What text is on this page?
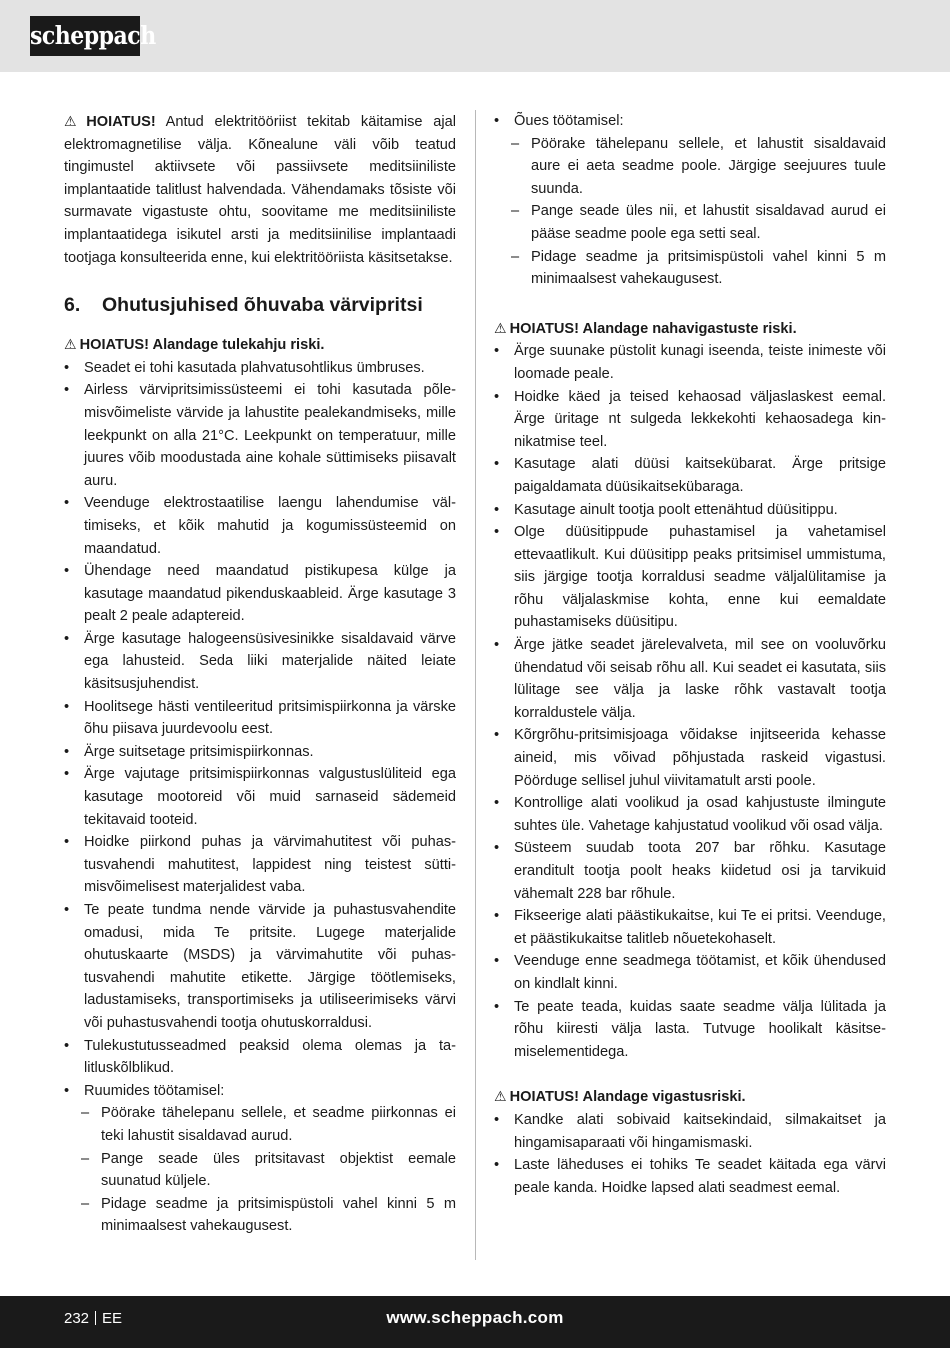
scheppach

⚠ HOIATUS! Antud elektritööriist tekitab käitamise ajal elektromagnetilise välja. Kõnealune väli võib teatud tingimustel aktiivsete või passiivsete meditsiiniliste implantaatide talitlust halvendada. Vähendamaks tõsiste või surmavate vigastuste ohtu, soovitame me meditsiiniliste implantaatidega isikutel arsti ja meditsiinilise implantaadi tootjaga konsulteerida enne, kui elektritööriista käsitsetakse.

6. Ohutusjuhised õhuvaba värvipritsi

⚠ HOIATUS! Alandage tulekahju riski.

• Seadet ei tohi kasutada plahvatusohtlikus ümbruses.
• Airless värvipritsimissüsteemi ei tohi kasutada põlemisvõimeliste värvide ja lahustite pealekandmiseks, mille leekpunkt on alla 21°C. Leekpunkt on temperatuur, mille juures võib moodustada aine kohale süttimiseks piisavalt auru.
• Veenduge elektrostaatilise laengu lahendumise vältimiseks, et kõik mahutid ja kogumissüsteemid on maandatud.
• Ühendage need maandatud pistikupesa külge ja kasutage maandatud pikenduskaableid. Ärge kasutage 3 pealt 2 peale adaptereid.
• Ärge kasutage halogeensüsivesinikke sisaldavaid värve ega lahusteid. Seda liiki materjalide näited leiate käsitsusjuhendist.
• Hoolitsege hästi ventileeritud pritsimispiirkonna ja värske õhu piisava juurdevoolu eest.
• Ärge suitsetage pritsimispiirkonnas.
• Ärge vajutage pritsimispiirkonnas valgustuslüliteid ega kasutage mootoreid või muid sarnaseid sädemeid tekitavaid tooteid.
• Hoidke piirkond puhas ja värvimahutitest või puhastusvahendi mahutitest, lappidest ning teistest süttimisvõimelisest materjalidest vaba.
• Te peate tundma nende värvide ja puhastusvahendite omadusi, mida Te pritsite. Lugege materjalide ohutuskaarte (MSDS) ja värvimahutite või puhastusvahendi mahutite etikette. Järgige töötlemiseks, ladustamiseks, transportimiseks ja utiliseerimiseks värvi või puhastusvahendi tootja ohutuskorraldusi.
• Tulekustutusseadmed peaksid olema olemas ja talitluskõlblikud.
• Ruumides töötamisel:
– Pöörake tähelepanu sellele, et seadme piirkonnas ei teki lahustit sisaldavad aurud.
– Pange seade üles pritsitavast objektist eemale suunatud küljele.
– Pidage seadme ja pritsimispüstoli vahel kinni 5 m minimaalsest vahekaugusest.
• Õues töötamisel:
– Pöörake tähelepanu sellele, et lahustit sisaldavaid aure ei aeta seadme poole. Järgige seejuures tuule suunda.
– Pange seade üles nii, et lahustit sisaldavad aurud ei pääse seadme poole ega setti seal.
– Pidage seadme ja pritsimispüstoli vahel kinni 5 m minimaalsest vahekaugusest.

⚠ HOIATUS! Alandage nahavigastuste riski.

• Ärge suunake püstolit kunagi iseenda, teiste inimeste või loomade peale.
• Hoidke käed ja teised kehaosad väljaslaskest eemal. Ärge üritage nt sulgeda lekkekohti kehaosadega kinnikatmise teel.
• Kasutage alati düüsi kaitsekübarat. Ärge pritsige paigaldamata düüsikaitsekübaraga.
• Kasutage ainult tootja poolt ettenähtud düüsitippu.
• Olge düüsitippude puhastamisel ja vahetamisel ettevaatlikult. Kui düüsitipp peaks pritsimisel ummistuma, siis järgige tootja korraldusi seadme väljalülitamise ja rõhu väljalaskmise kohta, enne kui eemaldate puhastamiseks düüsitipu.
• Ärge jätke seadet järelevalveta, mil see on vooluvõrku ühendatud või seisab rõhu all. Kui seadet ei kasutata, siis lülitage see välja ja laske rõhk vastavalt tootja korraldustele välja.
• Kõrgrõhu-pritsimisjoaga võidakse injitseerida kehasse aineid, mis võivad põhjustada raskeid vigastusi. Pöörduge sellisel juhul viivitamatult arsti poole.
• Kontrollige alati voolikud ja osad kahjustuste ilmingute suhtes üle. Vahetage kahjustatud voolikud või osad välja.
• Süsteem suudab toota 207 bar rõhku. Kasutage eranditult tootja poolt heaks kiidetud osi ja tarvikuid vähemalt 228 bar rõhule.
• Fikseerige alati päästikukaitse, kui Te ei pritsi. Veenduge, et päästikukaitse talitleb nõuetekohaselt.
• Veenduge enne seadmega töötamist, et kõik ühendused on kindlalt kinni.
• Te peate teada, kuidas saate seadme välja lülitada ja rõhu kiiresti välja lasta. Tutvuge hoolikalt käsitsemiselementidega.

⚠ HOIATUS! Alandage vigastusriski.

• Kandke alati sobivaid kaitsekindaid, silmakaitset ja hingamisaparaati või hingamismaski.
• Laste läheduses ei tohiks Te seadet käitada ega värvi peale kanda. Hoidke lapsed alati seadmest eemal.
232 EE	www.scheppach.com
